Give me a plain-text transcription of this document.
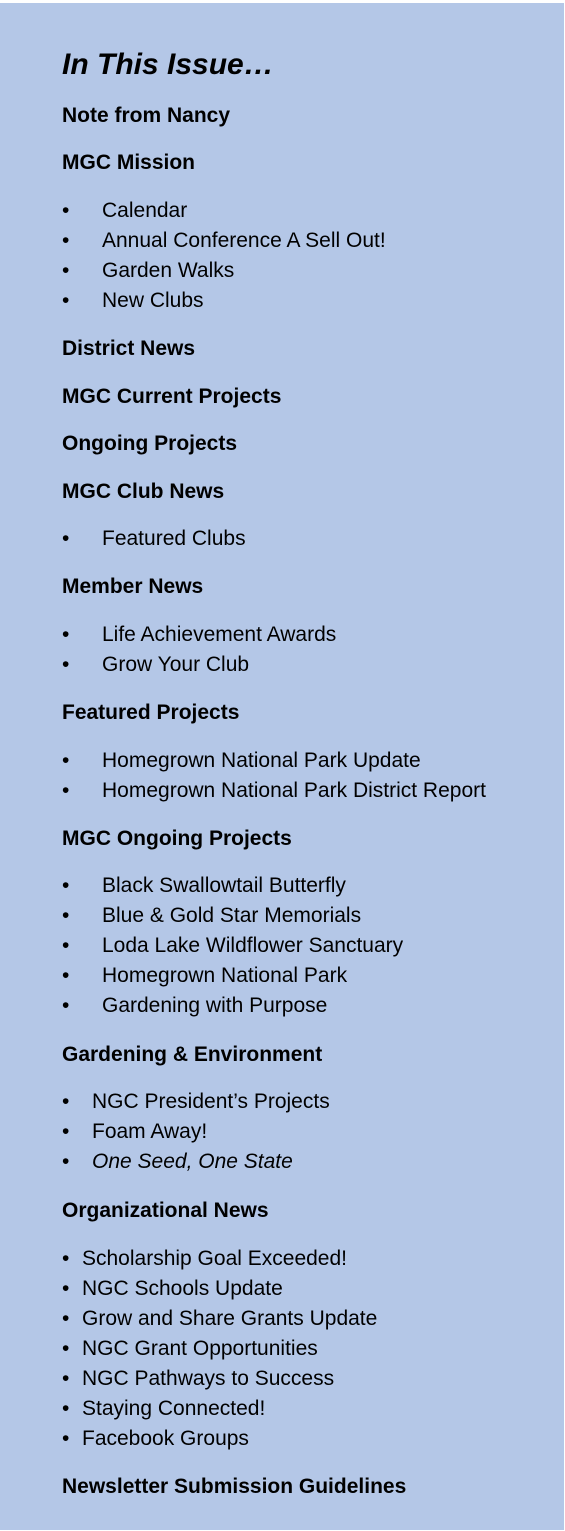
In This Issue…
Note from Nancy
MGC Mission
• Calendar
• Annual Conference A Sell Out!
• Garden Walks
• New Clubs
District News
MGC Current Projects
Ongoing Projects
MGC Club News
• Featured Clubs
Member News
• Life Achievement Awards
• Grow Your Club
Featured Projects
• Homegrown National Park Update
• Homegrown National Park District Report
MGC Ongoing Projects
• Black Swallowtail Butterfly
• Blue & Gold Star Memorials
• Loda Lake Wildflower Sanctuary
• Homegrown National Park
• Gardening with Purpose
Gardening & Environment
• NGC President’s Projects
• Foam Away!
• One Seed, One State
Organizational News
• Scholarship Goal Exceeded!
• NGC Schools Update
• Grow and Share Grants Update
• NGC Grant Opportunities
• NGC Pathways to Success
• Staying Connected!
• Facebook Groups
Newsletter Submission Guidelines
